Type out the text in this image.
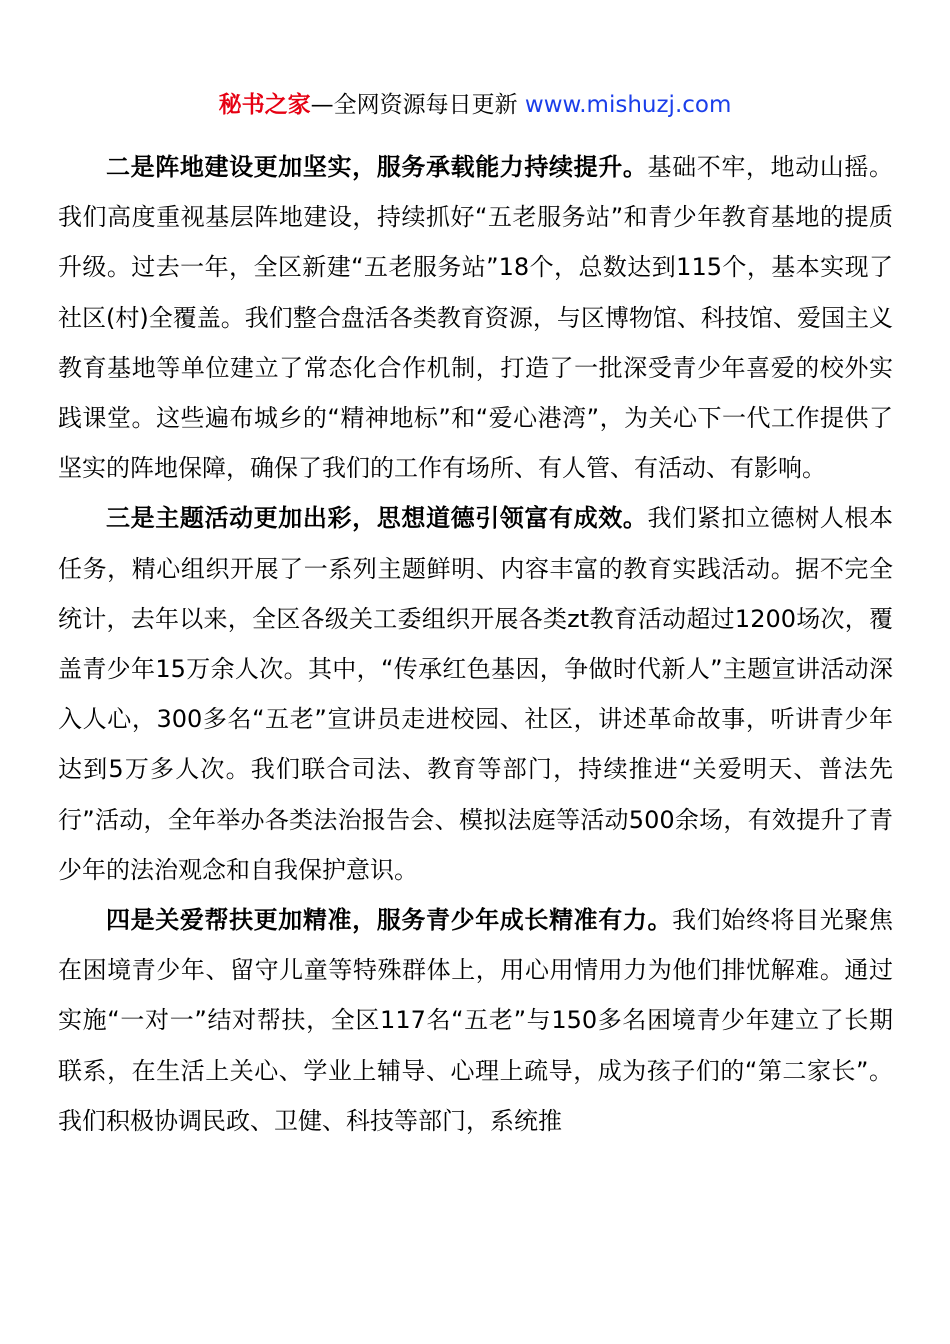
秘书之家—全网资源每日更新 www.mishuzj.com

二是阵地建设更加坚实，服务承载能力持续提升。基础不牢，地动山摇。我们高度重视基层阵地建设，持续抓好“五老服务站”和青少年教育基地的提质升级。过去一年，全区新建“五老服务站”18个，总数达到115个，基本实现了社区(村)全覆盖。我们整合盘活各类教育资源，与区博物馆、科技馆、爱国主义教育基地等单位建立了常态化合作机制，打造了一批深受青少年喜爱的校外实践课堂。这些遍布城乡的“精神地标”和“爱心港湾”，为关心下一代工作提供了坚实的阵地保障，确保了我们的工作有场所、有人管、有活动、有影响。

三是主题活动更加出彩，思想道德引领富有成效。我们紧扣立德树人根本任务，精心组织开展了一系列主题鲜明、内容丰富的教育实践活动。据不完全统计，去年以来，全区各级关工委组织开展各类zt教育活动超过1200场次，覆盖青少年15万余人次。其中，“传承红色基因，争做时代新人”主题宣讲活动深入人心，300多名“五老”宣讲员走进校园、社区，讲述革命故事，听讲青少年达到5万多人次。我们联合司法、教育等部门，持续推进“关爱明天、普法先行”活动，全年举办各类法治报告会、模拟法庭等活动500余场，有效提升了青少年的法治观念和自我保护意识。

四是关爱帮扶更加精准，服务青少年成长精准有力。我们始终将目光聚焦在困境青少年、留守儿童等特殊群体上，用心用情用力为他们排忧解难。通过实施“一对一”结对帮扶，全区117名“五老”与150多名困境青少年建立了长期联系，在生活上关心、学业上辅导、心理上疏导，成为孩子们的“第二家长”。我们积极协调民政、卫健、科技等部门，系统推
